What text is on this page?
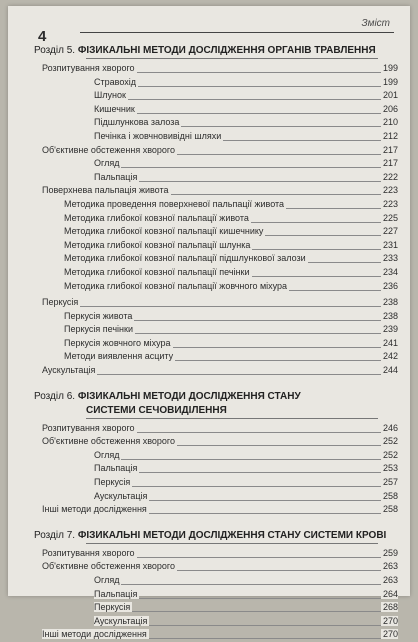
4
Зміст
Розділ 5. ФІЗИКАЛЬНІ МЕТОДИ ДОСЛІДЖЕННЯ ОРГАНІВ ТРАВЛЕННЯ
Розпитування хворого	199
Стравохід	199
Шлунок	201
Кишечник	206
Підшлункова залоза	210
Печінка і жовчновивідні шляхи	212
Об'єктивне обстеження хворого	217
Огляд	217
Пальпація	222
Поверхнева пальпація живота	223
Методика проведення поверхневої пальпації живота	223
Методика глибокої ковзної пальпації живота	225
Методика глибокої ковзної пальпації кишечнику	227
Методика глибокої ковзної пальпації шлунка	231
Методика глибокої ковзної пальпації підшлункової залози	233
Методика глибокої ковзної пальпації печінки	234
Методика глибокої ковзної пальпації жовчного міхура	236
Перкусія	238
Перкусія живота	238
Перкусія печінки	239
Перкусія жовчного міхура	241
Методи виявлення асциту	242
Аускультація	244
Розділ 6. ФІЗИКАЛЬНІ МЕТОДИ ДОСЛІДЖЕННЯ СТАНУ
СИСТЕМИ СЕЧОВИДІЛЕННЯ
Розпитування хворого	246
Об'єктивне обстеження хворого	252
Огляд	252
Пальпація	253
Перкусія	257
Аускультація	258
Інші методи дослідження	258
Розділ 7. ФІЗИКАЛЬНІ МЕТОДИ ДОСЛІДЖЕННЯ СТАНУ СИСТЕМИ КРОВІ
Розпитування хворого	259
Об'єктивне обстеження хворого	263
Огляд	263
Пальпація	264
Перкусія	268
Аускультація	270
Інші методи дослідження	270
